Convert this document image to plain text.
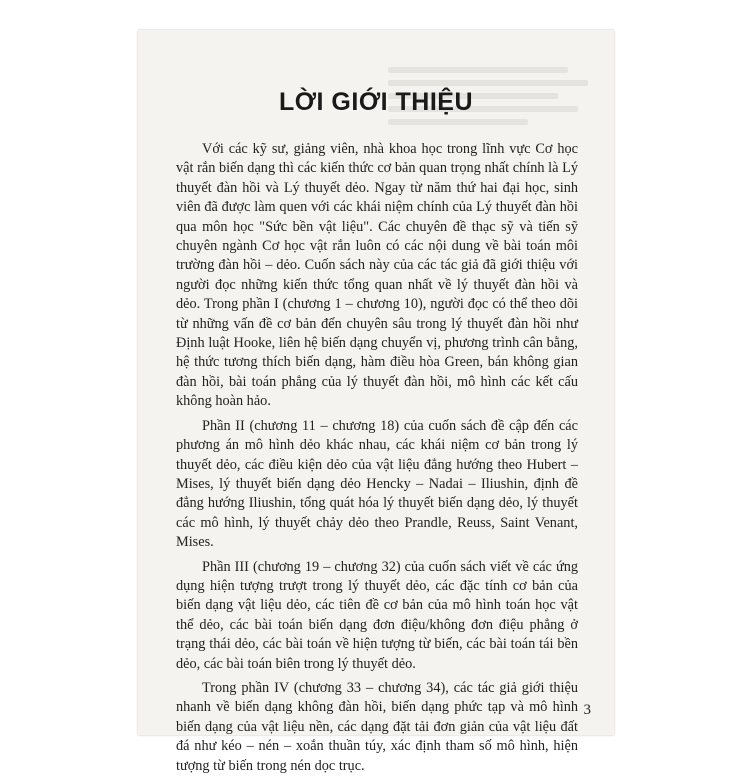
LỜI GIỚI THIỆU

Với các kỹ sư, giảng viên, nhà khoa học trong lĩnh vực Cơ học vật rắn biến dạng thì các kiến thức cơ bản quan trọng nhất chính là Lý thuyết đàn hồi và Lý thuyết dẻo. Ngay từ năm thứ hai đại học, sinh viên đã được làm quen với các khái niệm chính của Lý thuyết đàn hồi qua môn học "Sức bền vật liệu". Các chuyên đề thạc sỹ và tiến sỹ chuyên ngành Cơ học vật rắn luôn có các nội dung về bài toán môi trường đàn hồi – dẻo. Cuốn sách này của các tác giả đã giới thiệu với người đọc những kiến thức tổng quan nhất về lý thuyết đàn hồi và dẻo. Trong phần I (chương 1 – chương 10), người đọc có thể theo dõi từ những vấn đề cơ bản đến chuyên sâu trong lý thuyết đàn hồi như Định luật Hooke, liên hệ biến dạng chuyển vị, phương trình cân bằng, hệ thức tương thích biến dạng, hàm điều hòa Green, bán không gian đàn hồi, bài toán phẳng của lý thuyết đàn hồi, mô hình các kết cấu không hoàn hảo.

Phần II (chương 11 – chương 18) của cuốn sách đề cập đến các phương án mô hình dẻo khác nhau, các khái niệm cơ bản trong lý thuyết dẻo, các điều kiện dẻo của vật liệu đẳng hướng theo Hubert – Mises, lý thuyết biến dạng dẻo Hencky – Nadai – Iliushin, định đề đẳng hướng Iliushin, tổng quát hóa lý thuyết biến dạng dẻo, lý thuyết các mô hình, lý thuyết chảy dẻo theo Prandle, Reuss, Saint Venant, Mises.

Phần III (chương 19 – chương 32) của cuốn sách viết về các ứng dụng hiện tượng trượt trong lý thuyết dẻo, các đặc tính cơ bản của biến dạng vật liệu dẻo, các tiên đề cơ bản của mô hình toán học vật thể dẻo, các bài toán biến dạng đơn điệu/không đơn điệu phẳng ở trạng thái dẻo, các bài toán về hiện tượng từ biến, các bài toán tái bền dẻo, các bài toán biên trong lý thuyết dẻo.

Trong phần IV (chương 33 – chương 34), các tác giả giới thiệu nhanh về biến dạng không đàn hồi, biến dạng phức tạp và mô hình biến dạng của vật liệu nền, các dạng đặt tải đơn giản của vật liệu đất đá như kéo – nén – xoắn thuần túy, xác định tham số mô hình, hiện tượng từ biến trong nén dọc trục.

3
